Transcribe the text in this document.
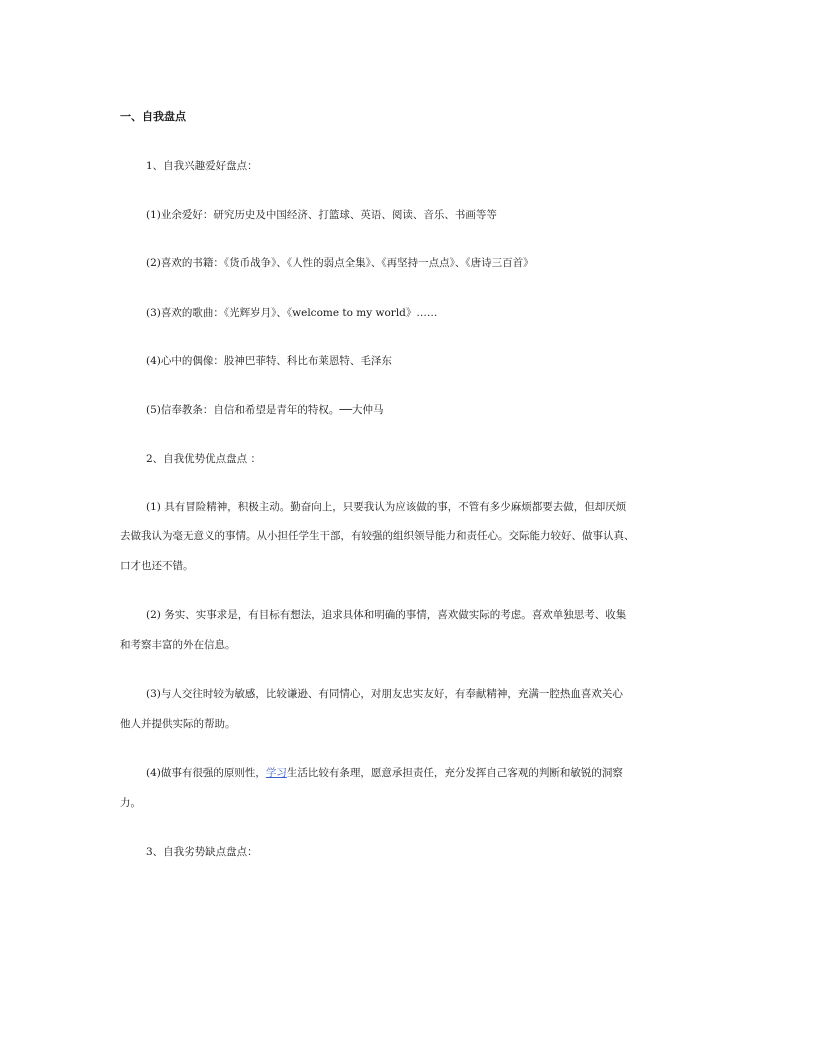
一、自我盘点
1、自我兴趣爱好盘点：
(1)业余爱好：研究历史及中国经济、打篮球、英语、阅读、音乐、书画等等
(2)喜欢的书籍：《货币战争》、《人性的弱点全集》、《再坚持一点点》、《唐诗三百首》
(3)喜欢的歌曲：《光辉岁月》、《welcome to my world》……
(4)心中的偶像：股神巴菲特、科比布莱恩特、毛泽东
(5)信奉教条：自信和希望是青年的特权。──大仲马
2、自我优势优点盘点 ：
(1) 具有冒险精神，积极主动。勤奋向上，只要我认为应该做的事，不管有多少麻烦都要去做，但却厌烦
去做我认为毫无意义的事情。从小担任学生干部，有较强的组织领导能力和责任心。交际能力较好、做事认真、
口才也还不错。
(2) 务实、实事求是，有目标有想法，追求具体和明确的事情，喜欢做实际的考虑。喜欢单独思考、收集
和考察丰富的外在信息。
(3)与人交往时较为敏感，比较谦逊、有同情心，对朋友忠实友好，有奉献精神，充满一腔热血喜欢关心
他人并提供实际的帮助。
(4)做事有很强的原则性，学习生活比较有条理，愿意承担责任，充分发挥自己客观的判断和敏锐的洞察
力。
3、自我劣势缺点盘点：
